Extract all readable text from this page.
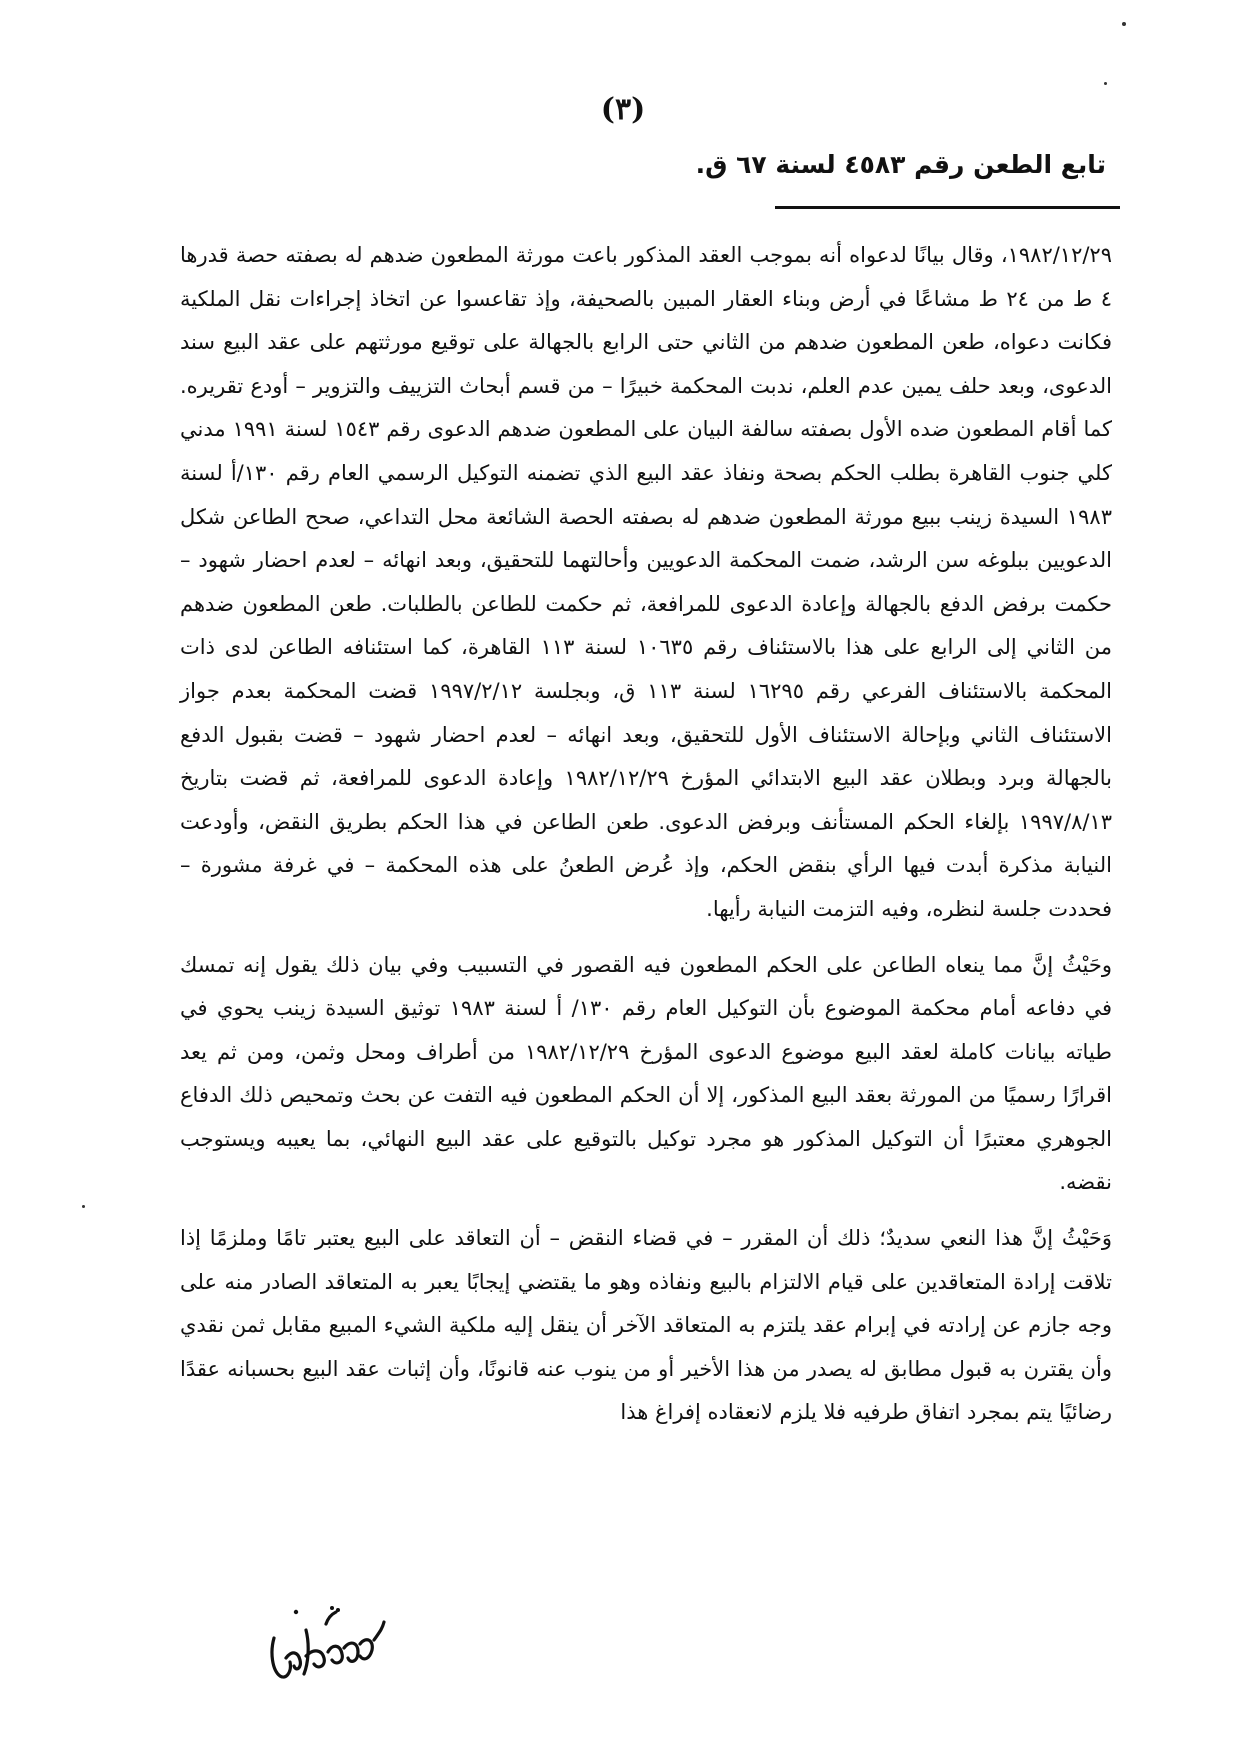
(٣)
تابع الطعن رقم ٤٥٨٣ لسنة ٦٧ ق.

١٩٨٢/١٢/٢٩، وقال بيانًا لدعواه أنه بموجب العقد المذكور باعت مورثة المطعون ضدهم له بصفته حصة قدرها ٤ ط من ٢٤ ط مشاعًا في أرض وبناء العقار المبين بالصحيفة، وإذ تقاعسوا عن اتخاذ إجراءات نقل الملكية فكانت دعواه، طعن المطعون ضدهم من الثاني حتى الرابع بالجهالة على توقيع مورثتهم على عقد البيع سند الدعوى، وبعد حلف يمين عدم العلم، ندبت المحكمة خبيرًا – من قسم أبحاث التزييف والتزوير – أودع تقريره. كما أقام المطعون ضده الأول بصفته سالفة البيان على المطعون ضدهم الدعوى رقم ١٥٤٣ لسنة ١٩٩١ مدني كلي جنوب القاهرة بطلب الحكم بصحة ونفاذ عقد البيع الذي تضمنه التوكيل الرسمي العام رقم ١٣٠/أ لسنة ١٩٨٣ السيدة زينب ببيع مورثة المطعون ضدهم له بصفته الحصة الشائعة محل التداعي، صحح الطاعن شكل الدعويين ببلوغه سن الرشد، ضمت المحكمة الدعويين وأحالتهما للتحقيق، وبعد انهائه – لعدم احضار شهود – حكمت برفض الدفع بالجهالة وإعادة الدعوى للمرافعة، ثم حكمت للطاعن بالطلبات. طعن المطعون ضدهم من الثاني إلى الرابع على هذا بالاستئناف رقم ١٠٦٣٥ لسنة ١١٣ القاهرة، كما استئنافه الطاعن لدى ذات المحكمة بالاستئناف الفرعي رقم ١٦٢٩٥ لسنة ١١٣ ق، وبجلسة ١٩٩٧/٢/١٢ قضت المحكمة بعدم جواز الاستئناف الثاني وبإحالة الاستئناف الأول للتحقيق، وبعد انهائه – لعدم احضار شهود – قضت بقبول الدفع بالجهالة وبرد وبطلان عقد البيع الابتدائي المؤرخ ١٩٨٢/١٢/٢٩ وإعادة الدعوى للمرافعة، ثم قضت بتاريخ ١٩٩٧/٨/١٣ بإلغاء الحكم المستأنف وبرفض الدعوى. طعن الطاعن في هذا الحكم بطريق النقض، وأودعت النيابة مذكرة أبدت فيها الرأي بنقض الحكم، وإذ عُرض الطعنُ على هذه المحكمة – في غرفة مشورة – فحددت جلسة لنظره، وفيه التزمت النيابة رأيها.

وحَيْثُ إنَّ مما ينعاه الطاعن على الحكم المطعون فيه القصور في التسبيب وفي بيان ذلك يقول إنه تمسك في دفاعه أمام محكمة الموضوع بأن التوكيل العام رقم ١٣٠/ أ لسنة ١٩٨٣ توثيق السيدة زينب يحوي في طياته بيانات كاملة لعقد البيع موضوع الدعوى المؤرخ ١٩٨٢/١٢/٢٩ من أطراف ومحل وثمن، ومن ثم يعد اقرارًا رسميًا من المورثة بعقد البيع المذكور، إلا أن الحكم المطعون فيه التفت عن بحث وتمحيص ذلك الدفاع الجوهري معتبرًا أن التوكيل المذكور هو مجرد توكيل بالتوقيع على عقد البيع النهائي، بما يعيبه ويستوجب نقضه.

وَحَيْثُ إنَّ هذا النعي سديدٌ؛ ذلك أن المقرر – في قضاء النقض – أن التعاقد على البيع يعتبر تامًا وملزمًا إذا تلاقت إرادة المتعاقدين على قيام الالتزام بالبيع ونفاذه وهو ما يقتضي إيجابًا يعبر به المتعاقد الصادر منه على وجه جازم عن إرادته في إبرام عقد يلتزم به المتعاقد الآخر أن ينقل إليه ملكية الشيء المبيع مقابل ثمن نقدي وأن يقترن به قبول مطابق له يصدر من هذا الأخير أو من ينوب عنه قانونًا، وأن إثبات عقد البيع بحسبانه عقدًا رضائيًا يتم بمجرد اتفاق طرفيه فلا يلزم لانعقاده إفراغ هذا
